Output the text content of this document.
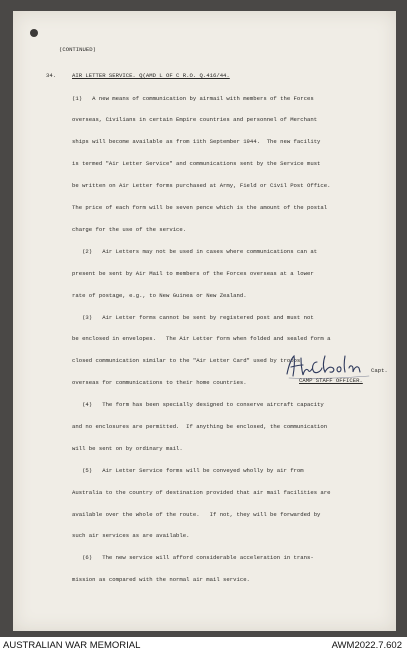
(CONTINUED)
34.	AIR LETTER SERVICE. Q(AMD L OF C R.O. Q.416/44.

(1)   A new means of communication by airmail with members of the Forces

overseas, Civilians in certain Empire countries and personnel of Merchant

ships will become available as from 11th September 1944.  The new facility

is termed "Air Letter Service" and communications sent by the Service must

be written on Air Letter forms purchased at Army, Field or Civil Post Office.

The price of each form will be seven pence which is the amount of the postal

charge for the use of the service.

(2)   Air Letters may not be used in cases where communications can at

present be sent by Air Mail to members of the Forces overseas at a lower

rate of postage, e.g., to New Guinea or New Zealand.

(3)   Air Letter forms cannot be sent by registered post and must not

be enclosed in envelopes.   The Air Letter form when folded and sealed form a

closed communication similar to the "Air Letter Card" used by troops

overseas for communications to their home countries.

(4)   The form has been specially designed to conserve aircraft capacity

and no enclosures are permitted.  If anything be enclosed, the communication

will be sent on by ordinary mail.

(5)   Air Letter Service forms will be conveyed wholly by air from

Australia to the country of destination provided that air mail facilities are

available over the whole of the route.   If not, they will be forwarded by

such air services as are available.

(6)   The new service will afford considerable acceleration in trans-

mission as compared with the normal air mail service.

Capt.
CAMP STAFF OFFICER.
AUSTRALIAN WAR MEMORIAL	AWM2022.7.602
